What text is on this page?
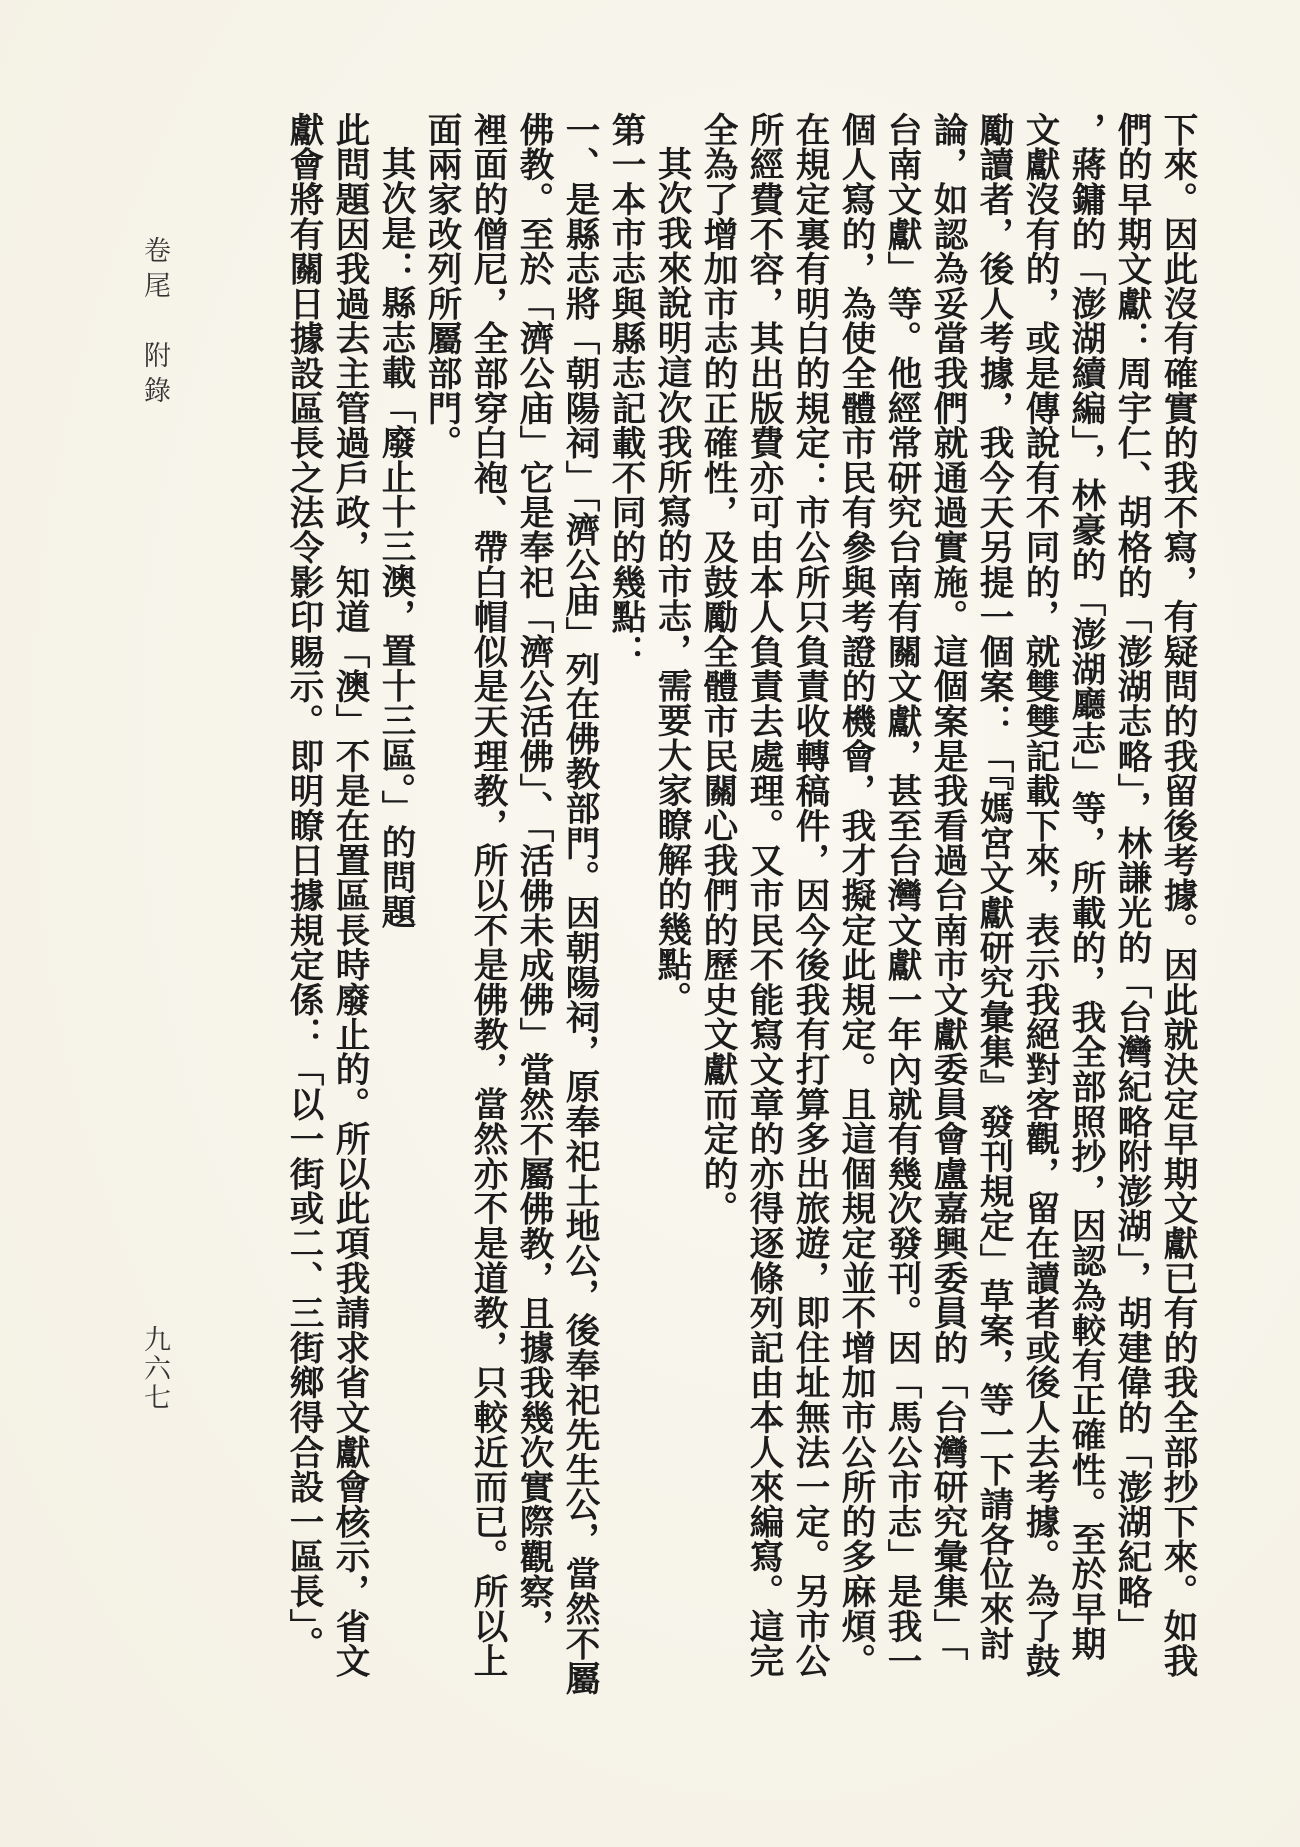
下來。因此沒有確實的我不寫，有疑問的我留後考據。因此就決定早期文獻已有的我全部抄下來。如我
們的早期文獻：周宇仁、胡格的「澎湖志略」，林謙光的「台灣紀略附澎湖」，胡建偉的「澎湖紀略」
，蔣鏞的「澎湖續編」，林豪的「澎湖廳志」等，所載的，我全部照抄，因認為較有正確性。至於早期
文獻沒有的，或是傳說有不同的，就雙雙記載下來，表示我絕對客觀，留在讀者或後人去考據。為了鼓
勵讀者，後人考據，我今天另提一個案：「『媽宮文獻研究彙集』發刊規定」草案，等一下請各位來討
論，如認為妥當我們就通過實施。這個案是我看過台南市文獻委員會盧嘉興委員的「台灣研究彙集」「
台南文獻」等。他經常研究台南有關文獻，甚至台灣文獻一年內就有幾次發刊。因「馬公市志」是我一
個人寫的，為使全體市民有參與考證的機會，我才擬定此規定。且這個規定並不增加市公所的多麻煩。
在規定裏有明白的規定：市公所只負責收轉稿件，因今後我有打算多出旅遊，即住址無法一定。另市公
所經費不容，其出版費亦可由本人負責去處理。又市民不能寫文章的亦得逐條列記由本人來編寫。這完
全為了增加市志的正確性，及鼓勵全體市民關心我們的歷史文獻而定的。
其次我來說明這次我所寫的市志，需要大家瞭解的幾點。
第一本市志與縣志記載不同的幾點：
一、是縣志將「朝陽祠」「濟公庙」列在佛教部門。因朝陽祠，原奉祀土地公，後奉祀先生公，當然不屬
佛教。至於「濟公庙」它是奉祀「濟公活佛」、「活佛未成佛」當然不屬佛教，且據我幾次實際觀察，
裡面的僧尼，全部穿白袍、帶白帽似是天理教，所以不是佛教，當然亦不是道教，只較近而已。所以上
面兩家改列所屬部門。
其次是：縣志載「廢止十三澳，置十三區。」的問題
此問題因我過去主管過戶政，知道「澳」不是在置區長時廢止的。所以此項我請求省文獻會核示，省文
獻會將有關日據設區長之法令影印賜示。即明瞭日據規定係：「以一街或二、三街鄉得合設一區長」。
卷尾　附錄
九六七
